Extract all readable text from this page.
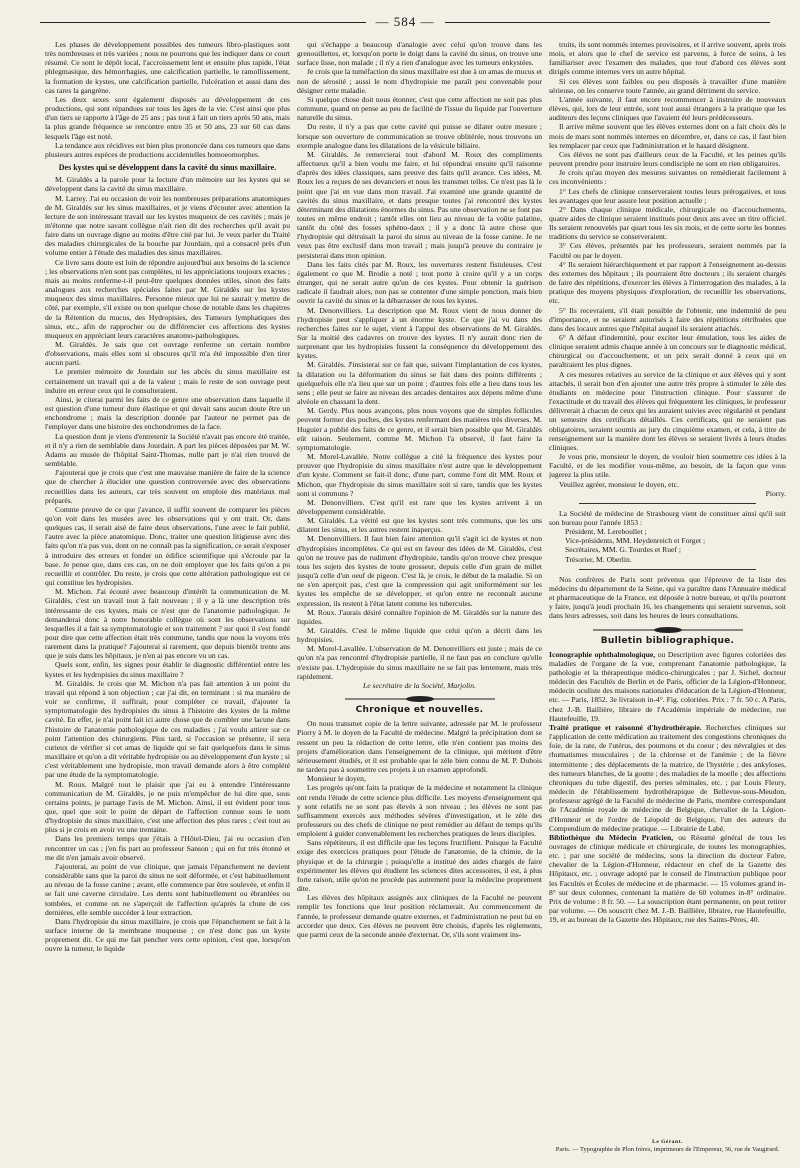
— 584 —

Les phases de développement possibles des tumeurs fibro-plastiques sont très nombreuses et très variées ; nous ne pourrons que les indiquer dans ce court résumé. Ce sont le dépôt local, l'accroissement lent et ensuite plus rapide, l'état phlegmasique, des hémorrhagies, une calcification partielle, le ramollissement, la formation de kystes, une calcification partielle, l'ulcération et aussi dans des cas rares la gangrène.

Les deux sexes sont également disposés au développement de ces productions, qui sont répandues sur tous les âges de la vie. C'est ainsi que plus d'un tiers se rapporte à l'âge de 25 ans ; pas tout à fait un tiers après 50 ans, mais la plus grande fréquence se rencontre entre 35 et 50 ans, 23 sur 60 cas dans lesquels l'âge est noté.

La tendance aux récidives est bien plus prononcée dans ces tumeurs que dans plusieurs autres espèces de productions accidentelles homoeomorphes.

Des kystes qui se développent dans la cavité du sinus maxillaire.

M. Giraldès a la parole pour la lecture d'un mémoire sur les kystes qui se développent dans la cavité du sinus maxillaire.

M. Larrey. J'ai eu occasion de voir les nombreuses préparations anatomiques de M. Giraldès sur les sinus maxillaires, et je viens d'écouter avec attention la lecture de son intéressant travail sur les kystes muqueux de ces cavités ; mais je m'étonne que notre savant collègue n'ait rien dit des recherches qu'il avait pu faire dans un ouvrage digne au moins d'être cité par lui. Je veux parler du Traité des maladies chirurgicales de la bouche par Jourdain, qui a consacré près d'un volume entier à l'étude des maladies des sinus maxillaires.

Ce livre sans doute est loin de répondre aujourd'hui aux besoins de la science ; les observations n'en sont pas complètes, ni les appréciations toujours exactes ; mais au moins renferme-t-il peut-être quelques données utiles, sinon des faits analogues aux recherches spéciales faites par M. Giraldès sur les kystes muqueux des sinus maxillaires. Personne mieux que lui ne saurait y mettre de côté, par exemple, s'il existe ou non quelque chose de notable dans les chapitres de la Rétention du mucus, des Hydropisies, des Tumeurs lymphatiques des sinus, etc., afin de rapprocher ou de différencier ces affections des kystes muqueux en appréciant leurs caractères anatomo-pathologiques.

M. Giraldès. Je sais que cet ouvrage renferme un certain nombre d'observations, mais elles sont si obscures qu'il m'a été impossible d'en tirer aucun parti.

Le premier mémoire de Jourdain sur les abcès du sinus maxillaire est certainement un travail qui a de la valeur ; mais le reste de son ouvrage peut induire en erreur ceux qui le consulteraient.

Ainsi, je citerai parmi les faits de ce genre une observation dans laquelle il est question d'une tumeur dure élastique et qui devait sans aucun doute être un enchondrome ; mais la description donnée par l'auteur ne permet pas de l'employer dans une histoire des enchondromes de la face.

La question dont je viens d'entretenir la Société n'avait pas encore été traitée, et il n'y a rien de semblable dans Jourdain. A part les pièces déposées par M. W. Adams au musée de l'hôpital Saint-Thomas, nulle part je n'ai rien trouvé de semblable.

J'ajouterai que je crois que c'est une mauvaise manière de faire de la science que de chercher à élucider une question controversée avec des observations recueillies dans les auteurs, car très souvent on emploie des matériaux mal préparés.

Comme preuve de ce que j'avance, il suffit souvent de comparer les pièces qu'on voit dans les musées avec les observations qui y ont trait. Or, dans quelques cas, il serait aisé de faire deux observations, l'une avec le fait publié, l'autre avec la pièce anatomique. Donc, traiter une question litigieuse avec des faits qu'on n'a pas vus, dont on ne connaît pas la signification, ce serait s'exposer à introduire des erreurs et fonder un édifice scientifique qui s'écroule par la base. Je pense que, dans ces cas, on ne doit employer que les faits qu'on a pu recueillir et contrôler. Du reste, je crois que cette altération pathologique est ce qui constitue les hydropisies.

M. Michon. J'ai écouté avec beaucoup d'intérêt la communication de M. Giraldès, c'est un travail tout à fait nouveau ; il y a là une description très intéressante de ces kystes, mais ce n'est que de l'anatomie pathologique. Je demanderai donc à notre honorable collègue où sont les observations sur lesquelles il a fait sa symptomatologie et son traitement ? sur quoi il s'est fondé pour dire que cette affection était très commune, tandis que nous la voyons très rarement dans la pratique? J'ajouterai si rarement, que depuis bientôt trente ans que je suis dans les hôpitaux, je n'en ai pas encore vu un cas.

Quels sont, enfin, les signes pour établir le diagnostic différentiel entre les kystes et les hydropisies du sinus maxillaire ?

M. Giraldès. Je crois que M. Michon n'a pas fait attention à un point du travail qui répond à son objection ; car j'ai dit, en terminant : si ma manière de voir se confirme, il suffirait, pour compléter ce travail, d'ajouter la symptomatologie des hydropisies du sinus à l'histoire des kystes de la même cavité. En effet, je n'ai point fait ici autre chose que de combler une lacune dans l'histoire de l'anatomie pathologique de ces maladies ; j'ai voulu attirer sur ce point l'attention des chirurgiens. Plus tard, si l'occasion se présente, il sera curieux de vérifier si cet amas de liquide qui se fait quelquefois dans le sinus maxillaire et qu'on a dit véritable hydropisie ou au développement d'un kyste ; si c'est véritablement une hydropisie, mon travail demande alors à être complété par une étude de la symptomatologie.

M. Roux. Malgré tout le plaisir que j'ai eu à entendre l'intéressante communication de M. Giraldès, je ne puis m'empêcher de lui dire que, sous certains points, je partage l'avis de M. Michon. Ainsi, il est évident pour tous que, quel que soit le point de départ de l'affection connue sous le nom d'hydropisie du sinus maxillaire, c'est une affection des plus rares ; c'est tout au plus si je crois en avoir vu une trentaine.

Dans les premiers temps que j'étais à l'Hôtel-Dieu, j'ai eu occasion d'en rencontrer un cas ; j'en fis part au professeur Sanson ; qui en fut très étonné et me dit n'en jamais avoir observé.

J'ajouterai, au point de vue clinique, que jamais l'épanchement ne devient considérable sans que la paroi du sinus ne soit déformée, et c'est habituellement au niveau de la fosse canine ; avant, elle commence par être soulevée, et enfin il se fait une caverne circulaire. Les dents sont habituellement ou ébranlées ou tombées, et comme on ne s'aperçoit de l'affection qu'après la chute de ces dernières, elle semble succéder à leur extraction.

Dans l'hydropisie du sinus maxillaire, je crois que l'épanchement se fait à la surface interne de la membrane muqueuse ; ce n'est donc pas un kyste proprement dit. Ce qui me fait pencher vers cette opinion, c'est que, lorsqu'on ouvre la tumeur, le liquide

qui s'échappe a beaucoup d'analogie avec celui qu'on trouve dans les grenouillettes, et, lorsqu'on porte le doigt dans la cavité du sinus, on trouve une surface lisse, non malade ; il n'y a rien d'analogue avec les tumeurs enkystées.

Je crois que la tuméfaction du sinus maxillaire est due à un amas de mucus et non de sérosité ; aussi le nom d'hydropisie me paraît peu convenable pour désigner cette maladie.

Si quelque chose doit nous étonner, c'est que cette affection ne soit pas plus commune, quand on pense au peu de facilité de l'issue du liquide par l'ouverture naturelle du sinus.

Du reste, il n'y a pas que cette cavité qui puisse se dilater outre mesure ; lorsque son ouverture de communication se trouve oblitérée, nous trouvons un exemple analogue dans les dilatations de la vésicule biliaire.

M. Giraldès. Je remercierai tout d'abord M. Roux des compliments affectueux qu'il a bien voulu me faire, et lui répondrai ensuite qu'il raisonne d'après des idées classiques, sans preuve des faits qu'il avance. Ces idées, M. Roux les a reçues de ses devanciers et nous les transmet telles. Ce n'est pas là le point que j'ai en vue dans mon travail. J'ai examiné une grande quantité de cavités du sinus maxillaire, et dans presque toutes j'ai rencontré des kystes déterminant des dilatations énormes du sinus. Pas une observation ne se font pas toutes en même endroit ; tantôt elles ont lieu au niveau de la voûte palatine, tantôt du côté des fosses sphéno-daux ; il y a donc là autre chose que l'hydropisie qui détruisait la paroi du sinus au niveau de la fosse canine. Je ne veux pas être exclusif dans mon travail ; mais jusqu'à preuve du contraire je persisterai dans mon opinion.

Dans les faits cités par M. Roux, les ouvertures restent fistuleuses. C'est également ce que M. Brodie a noté ; tout porte à croire qu'il y a un corps étranger, qui ne serait autre qu'un de ces kystes. Pour obtenir la guérison radicale il faudrait alors, non pas se contenter d'une simple ponction, mais bien ouvrir la cavité du sinus et la débarrasser de tous les kystes.

M. Denonvilliers. La description que M. Roux vient de nous donner de l'hydropisie peut s'appliquer à un énorme kyste. Ce que j'ai vu dans des recherches faites sur le sujet, vient à l'appui des observations de M. Giraldès. Sur la moitié des cadavres on trouve des kystes. Il n'y aurait donc rien de surprenant que les hydropisies fussent la conséquence du développement des kystes.

M. Giraldès. J'insisterai sur ce fait que, suivant l'implantation de ces kystes, la dilatation ou la déformation du sinus se fait dans des points différents ; quelquefois elle n'a lieu que sur un point ; d'autres fois elle a lieu dans tous les sens ; elle peut se faire au niveau des arcades dentaires aux dépens même d'une alvéole en chassant la dent.

M. Gerdy. Plus nous avançons, plus nous voyons que de simples follicules peuvent former des poches, des kystes renfermant des matières très diverses. M. Huguier a publié des faits de ce genre, et il serait bien possible que M. Giraldès eût raison. Seulement, comme M. Michon l'a observé, il faut faire la symptomatologie.

M. Morel-Lavallée. Notre collègue a cité la fréquence des kystes pour prouver que l'hydropisie du sinus maxillaire n'est autre que le développement d'un kyste. Comment se fait-il donc, d'une part, comme l'ont dit MM. Roux et Michon, que l'hydropisie du sinus maxillaire soit si rare, tandis que les kystes sont si communs ?

M. Denonvilliers. C'est qu'il est rare que les kystes arrivent à un développement considérable.

M. Giraldès. La vérité est que les kystes sont très communs, que les uns dilatent les sinus, et les autres restent inaperçus.

M. Denonvilliers. Il faut bien faire attention qu'il s'agit ici de kystes et non d'hydropisies incomplètes. Ce qui est en faveur des idées de M. Giraldès, c'est qu'on ne trouve pas de rudiment d'hydropisie, tandis qu'on trouve chez presque tous les sujets des kystes de toute grosseur, depuis celle d'un grain de millet jusqu'à celle d'un oeuf de pigeon. C'est là, je crois, le début de la maladie. Si on ne s'en aperçoit pas, c'est que la compression qui agit uniformément sur les kystes les empêche de se développer, et qu'on entre ne reconnaît aucune expression, ils restent à l'état latent comme les tubercules.

M. Roux. J'aurais désiré connaître l'opinion de M. Giraldès sur la nature des liquides.

M. Giraldès. C'est le même liquide que celui qu'on a décrit dans les hydropisies.

M. Morel-Lavallée. L'observation de M. Denonvilliers est juste ; mais de ce qu'on n'a pas rencontré d'hydropisie partielle, il ne faut pas en conclure qu'elle n'existe pas. L'hydropisie du sinus maxillaire ne se fait pas lentement, mais très rapidement.

Le secrétaire de la Société, Marjolin.

Chronique et nouvelles.

On nous transmet copie de la lettre suivante, adressée par M. le professeur Piorry à M. le doyen de la Faculté de médecine. Malgré la précipitation dont se ressent un peu la rédaction de cette lettre, elle n'en contient pas moins des projets d'amélioration dans l'enseignement de la clinique, qui méritent d'être sérieusement étudiés, et il est probable que le zèle bien connu de M. P. Dubois ne tardera pas à soumettre ces projets à un examen approfondi.

Monsieur le doyen,

Les progrès qu'ont faits la pratique de la médecine et notamment la clinique ont rendu l'étude de cette science plus difficile. Les moyens d'enseignement qui y sont relatifs ne se sont pas élevés à son niveau ; les élèves ne sont pas suffisamment exercés aux méthodes sévères d'investigation, et le zèle des professeurs ou des chefs de clinique ne peut remédier au défaut de temps qu'ils emploient à guider convenablement les recherches pratiques de leurs disciples.

Sans répétiteurs, il est difficile que les leçons fructifient. Puisque la Faculté exige des exercices pratiques pour l'étude de l'anatomie, de la chimie, de la physique et de la chirurgie ; puisqu'elle a institué des aides chargés de faire expérimenter les élèves qui étudient les sciences dites accessoires, il est, à plus forte raison, utile qu'on ne procède pas autrement pour la médecine proprement dite.

Les élèves des hôpitaux assignés aux cliniques de la Faculté ne peuvent remplir les fonctions que leur position réclamerait. Au commencement de l'année, le professeur demande quatre externes, et l'administration ne peut lui en accorder que deux. Ces élèves ne peuvent être choisis, d'après les règlements, que parmi ceux de la seconde année d'externat. Or, s'ils sont vraiment ins-

truits, ils sont nommés internes provisoires, et il arrive souvent, après trois mois, et alors que le chef de service est parvenu, à force de soins, à les familiariser avec l'examen des malades, que tout d'abord ces élèves sont dirigés comme internes vers un autre hôpital.

Si ces élèves sont faibles ou peu disposés à travailler d'une manière sérieuse, on les conserve toute l'année, au grand détriment du service.

L'année suivante, il faut encore recommencer à instruire de nouveaux élèves, qui, lors de leur entrée, sont tout aussi étrangers à la pratique que les auditeurs des leçons cliniques que l'avaient été leurs prédécesseurs.

Il arrive même souvent que les élèves externes dont on a fait choix dès le mois de mars sont nommés internes en décembre, et, dans ce cas, il faut bien les remplacer par ceux que l'administration et le hasard désignent.

Ces élèves ne sont pas d'ailleurs ceux de la Faculté, et les peines qu'ils peuvent prendre pour instruire leurs condisciple ne sont en rien obligatoires.

Je crois qu'au moyen des mesures suivantes on remédierait facilement à ces inconvénients :

1° Les chefs de clinique conserveraient toutes leurs prérogatives, et tous les avantages que leur assure leur position actuelle ;

2° Dans chaque clinique médicale, chirurgicale ou d'accouchements, quatre aides de clinique seraient institués pour deux ans avec un titre officiel. Ils seraient renouvelés par quart tous les six mois, et de cette sorte les bonnes traditions du service se conserveraient.

3° Ces élèves, présentés par les professeurs, seraient nommés par la Faculté ou par le doyen.

4° Ils seraient hiérarchiquement et par rapport à l'enseignement au-dessus des externes des hôpitaux ; ils pourraient être docteurs ; ils seraient chargés de faire des répétitions, d'exercer les élèves à l'interrogation des malades, à la pratique des moyens physiques d'exploration, de recueillir les observations, etc.

5° Ils recevraient, s'il était possible de l'obtenir, une indemnité de peu d'importance, et ne seraient autorisés à faire des répétitions rétribuées que dans des locaux autres que l'hôpital auquel ils seraient attachés.

6° A défaut d'indemnité, pour exciter leur émulation, tous les aides de clinique seraient admis chaque année à un concours sur le diagnostic médical, chirurgical ou d'accouchement, et un prix serait donné à ceux qui en paraîtraient les plus dignes.

A ces mesures relatives au service de la clinique et aux élèves qui y sont attachés, il serait bon d'en ajouter une autre très propre à stimuler le zèle des étudiants en médecine pour l'instruction clinique. Pour s'assurer de l'exactitude et du travail des élèves qui fréquentent les cliniques, le professeur délivrerait à chacun de ceux qui les auraient suivies avec régularité et pendant un semestre des certificats détaillés. Ces certificats, qui ne seraient pas obligatoires, seraient soumis au jury du cinquième examen, et cela, à titre de renseignement sur la manière dont les élèves se seraient livrés à leurs études cliniques.

Je vous prie, monsieur le doyen, de vouloir bien soumettre ces idées à la Faculté, et de les modifier vous-même, au besoin, de la façon que vous jugerez la plus utile.

Veuillez agréer, monsieur le doyen, etc.

Piorry.

La Société de médecine de Strasbourg vient de constituer ainsi qu'il suit son bureau pour l'année 1853 :

Président, M. Lereboullet ;

Vice-présidents, MM. Heydenreich et Forget ;

Secrétaires, MM. G. Tourdes et Ruef ;

Trésorier, M. Oberlin.

Nos confrères de Paris sont prévenus que l'épreuve de la liste des médecins du département de la Seine, qui va paraître dans l'Annuaire médical et pharmaceutique de la France, est déposée à notre bureau, et qu'ils pourront y faire, jusqu'à jeudi prochain 16, les changements qui seraient survenus, soit dans leurs adresses, soit dans les heures de leurs consultations.

Bulletin bibliographique.

Iconographie ophthalmologique, ou Description avec figures coloriées des maladies de l'organe de la vue, comprenant l'anatomie pathologique, la pathologie et la thérapeutique médico-chirurgicales ; par J. Sichel, docteur médecin des Facultés de Berlin et de Paris, officier de la Légion-d'Honneur, médecin oculiste des maisons nationales d'éducation de la Légion-d'Honneur, etc. — Paris, 1852. 3e livraison in-4°. Fig. coloriées. Prix : 7 fr. 50 c. A Paris, chez J.-B. Baillière, libraire de l'Académie impériale de médecine, rue Hautefeuille, 19.

Traité pratique et raisonné d'hydrothérapie. Recherches cliniques sur l'application de cette médication au traitement des congestions chroniques du foie, de la rate, de l'utérus, des poumons et du coeur ; des névralgies et des rhumatismes musculaires ; de la chlorose et de l'anémie ; de la fièvre intermittente ; des déplacements de la matrice, de l'hystérie ; des ankyloses, des tumeurs blanches, de la goutte ; des maladies de la moelle ; des affections chroniques du tube digestif, des pertes séminales, etc. ; par Louis Fleury, médecin de l'établissement hydrothérapique de Bellevue-sous-Meudon, professeur agrégé de la Faculté de médecine de Paris, membre correspondant de l'Académie royale de médecine de Belgique, chevalier de la Légion-d'Honneur et de l'ordre de Léopold de Belgique, l'un des auteurs du Compendium de médecine pratique. — Librairie de Labé.

Bibliothèque du Médecin Praticien, ou Résumé général de tous les ouvrages de clinique médicale et chirurgicale, de toutes les monographies, etc. ; par une société de médecins, sous la direction du docteur Fabre, chevalier de la Légion-d'Honneur, rédacteur en chef de la Gazette des Hôpitaux, etc. ; ouvrage adopté par le conseil de l'instruction publique pour les Facultés et Écoles de médecine et de pharmacie. — 15 volumes grand in-8° sur deux colonnes, contenant la matière de 60 volumes in-8° ordinaire. Prix de volume : 8 fr. 50. — La souscription étant permanente, on peut retirer par volume. — On souscrit chez M. J.-B. Baillière, libraire, rue Hautefeuille, 19, et au bureau de la Gazette des Hôpitaux, rue des Saints-Pères, 40.

Le Gérant.
Paris. — Typographie de Plon frères, imprimeurs de l'Empereur, 36, rue de Vaugirard.
